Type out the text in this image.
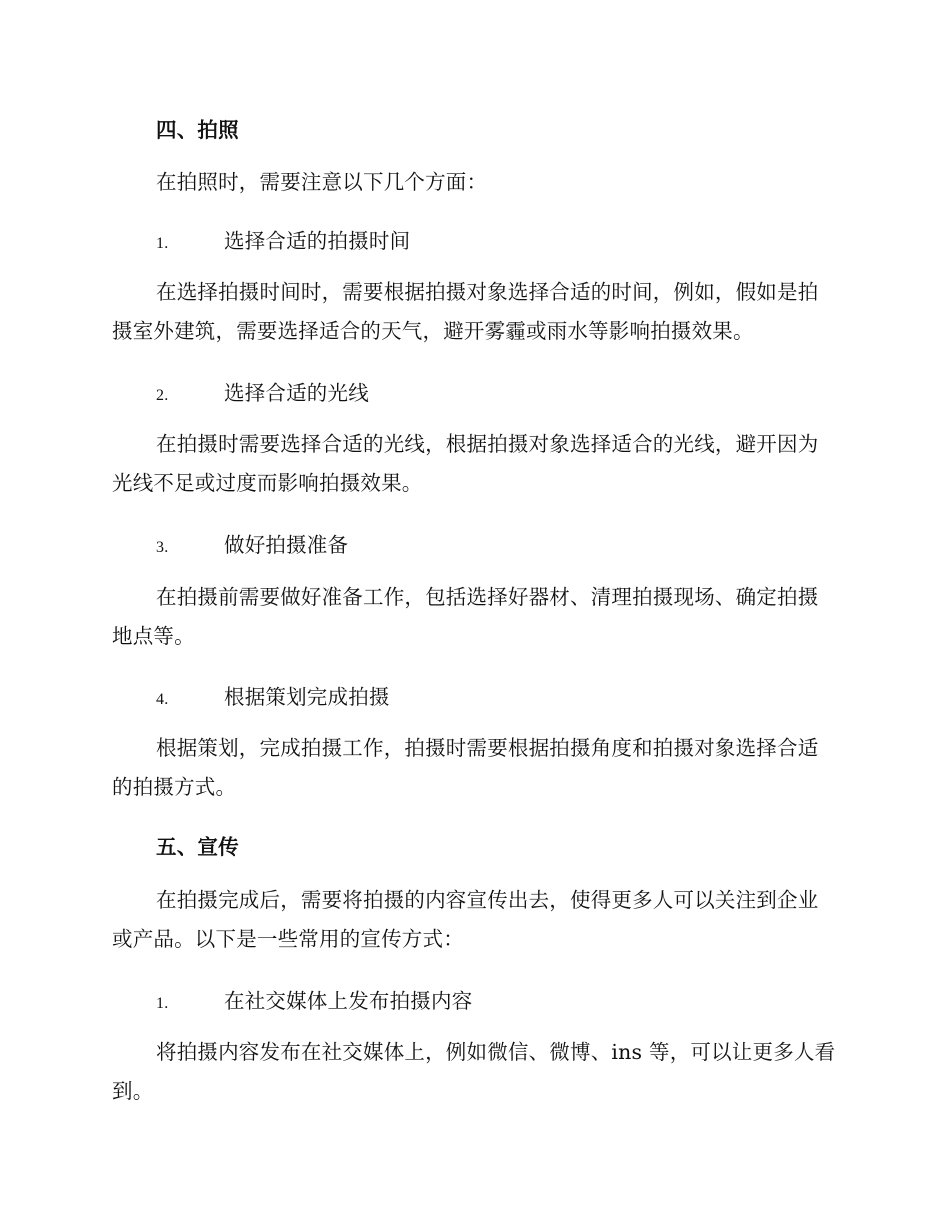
四、拍照
在拍照时，需要注意以下几个方面：
1.	选择合适的拍摄时间
在选择拍摄时间时，需要根据拍摄对象选择合适的时间，例如，假如是拍摄室外建筑，需要选择适合的天气，避开雾霾或雨水等影响拍摄效果。
2.	选择合适的光线
在拍摄时需要选择合适的光线，根据拍摄对象选择适合的光线，避开因为光线不足或过度而影响拍摄效果。
3.	做好拍摄准备
在拍摄前需要做好准备工作，包括选择好器材、清理拍摄现场、确定拍摄地点等。
4.	根据策划完成拍摄
根据策划，完成拍摄工作，拍摄时需要根据拍摄角度和拍摄对象选择合适的拍摄方式。
五、宣传
在拍摄完成后，需要将拍摄的内容宣传出去，使得更多人可以关注到企业或产品。以下是一些常用的宣传方式：
1.	在社交媒体上发布拍摄内容
将拍摄内容发布在社交媒体上，例如微信、微博、ins 等，可以让更多人看到。
